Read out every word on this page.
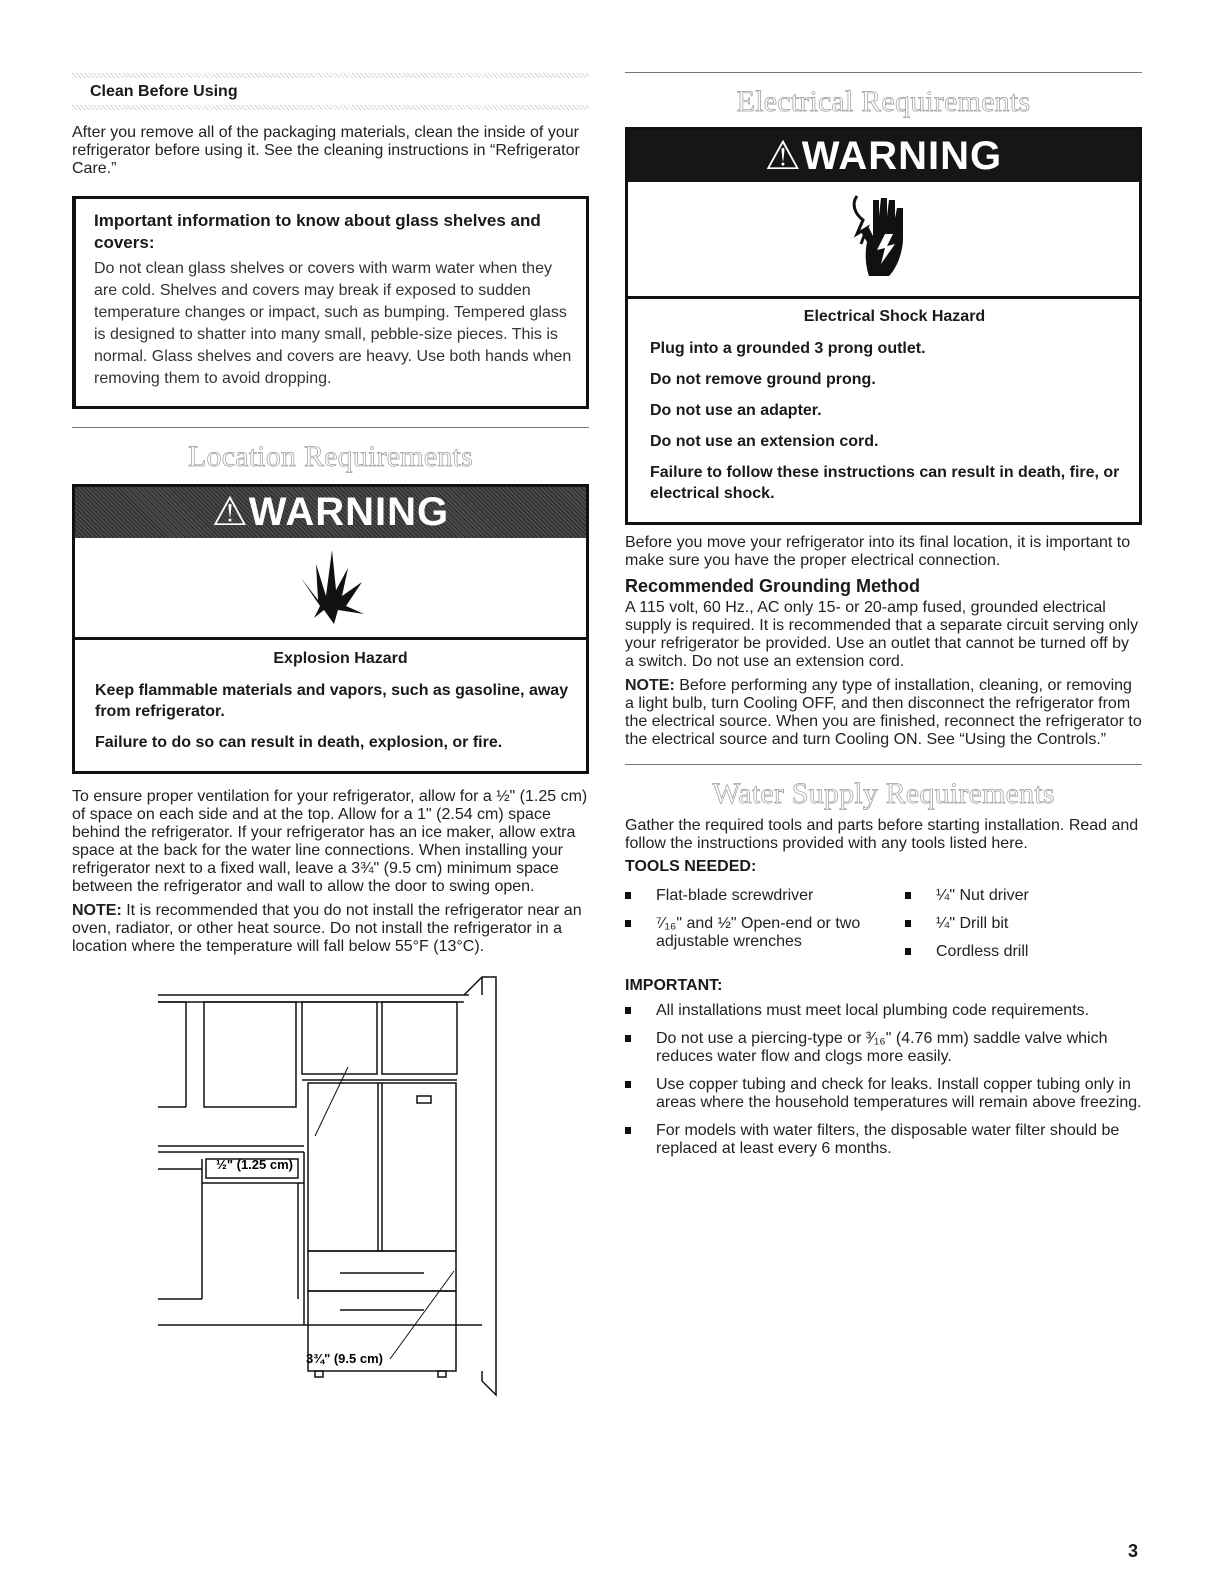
Clean Before Using

After you remove all of the packaging materials, clean the inside of your refrigerator before using it. See the cleaning instructions in “Refrigerator Care.”

Important information to know about glass shelves and covers:

Do not clean glass shelves or covers with warm water when they are cold. Shelves and covers may break if exposed to sudden temperature changes or impact, such as bumping. Tempered glass is designed to shatter into many small, pebble-size pieces. This is normal. Glass shelves and covers are heavy. Use both hands when removing them to avoid dropping.

Location Requirements
⚠WARNING
Explosion Hazard
Keep flammable materials and vapors, such as gasoline, away from refrigerator.
Failure to do so can result in death, explosion, or fire.

To ensure proper ventilation for your refrigerator, allow for a ½" (1.25 cm) of space on each side and at the top. Allow for a 1" (2.54 cm) space behind the refrigerator. If your refrigerator has an ice maker, allow extra space at the back for the water line connections. When installing your refrigerator next to a fixed wall, leave a 3¾" (9.5 cm) minimum space between the refrigerator and wall to allow the door to swing open.

NOTE: It is recommended that you do not install the refrigerator near an oven, radiator, or other heat source. Do not install the refrigerator in a location where the temperature will fall below 55°F (13°C).

½" (1.25 cm)
3¾" (9.5 cm)
Electrical Requirements
⚠WARNING
Electrical Shock Hazard
Plug into a grounded 3 prong outlet.
Do not remove ground prong.
Do not use an adapter.
Do not use an extension cord.
Failure to follow these instructions can result in death, fire, or electrical shock.

Before you move your refrigerator into its final location, it is important to make sure you have the proper electrical connection.

Recommended Grounding Method

A 115 volt, 60 Hz., AC only 15- or 20-amp fused, grounded electrical supply is required. It is recommended that a separate circuit serving only your refrigerator be provided. Use an outlet that cannot be turned off by a switch. Do not use an extension cord.

NOTE: Before performing any type of installation, cleaning, or removing a light bulb, turn Cooling OFF, and then disconnect the refrigerator from the electrical source. When you are finished, reconnect the refrigerator to the electrical source and turn Cooling ON. See “Using the Controls.”

Water Supply Requirements

Gather the required tools and parts before starting installation. Read and follow the instructions provided with any tools listed here.

TOOLS NEEDED:
Flat-blade screwdriver
⁷⁄₁₆" and ½" Open-end or two adjustable wrenches
¼" Nut driver
¼" Drill bit
Cordless drill
IMPORTANT:
All installations must meet local plumbing code requirements.
Do not use a piercing-type or ³⁄₁₆" (4.76 mm) saddle valve which reduces water flow and clogs more easily.
Use copper tubing and check for leaks. Install copper tubing only in areas where the household temperatures will remain above freezing.
For models with water filters, the disposable water filter should be replaced at least every 6 months.
3
